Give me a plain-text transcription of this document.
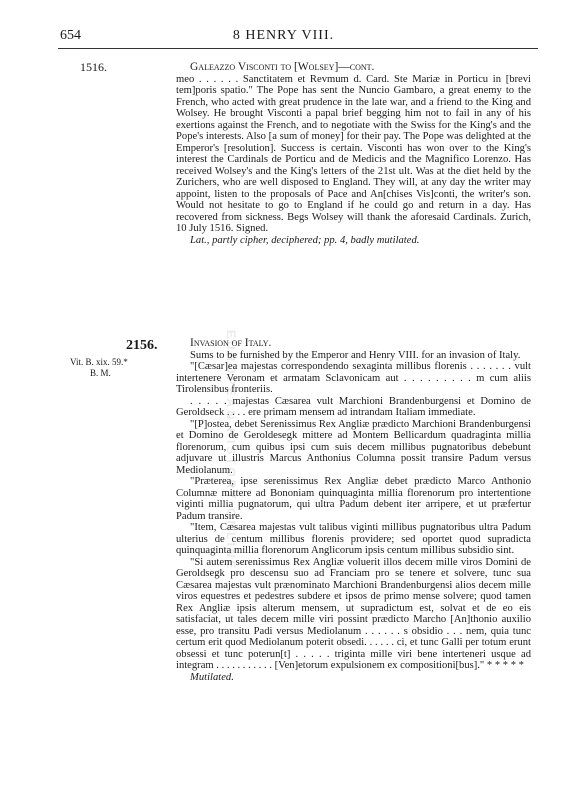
EUROPEAN HISTORY ONLINE
654	8 HENRY VIII.
1516.	Galeazzo Visconti to [Wolsey]—cont.

meo . . . . . . Sanctitatem et Revmum d. Card. Ste Mariæ in Porticu in [brevi tem]poris spatio." The Pope has sent the Nuncio Gambaro, a great enemy to the French, who acted with great prudence in the late war, and a friend to the King and Wolsey. He brought Visconti a papal brief begging him not to fail in any of his exertions against the French, and to negotiate with the Swiss for the King's and the Pope's interests. Also [a sum of money] for their pay. The Pope was delighted at the Emperor's [resolution]. Success is certain. Visconti has won over to the King's interest the Cardinals de Porticu and de Medicis and the Magnifico Lorenzo. Has received Wolsey's and the King's letters of the 21st ult. Was at the diet held by the Zurichers, who are well disposed to England. They will, at any day the writer may appoint, listen to the proposals of Pace and An[chises Vis]conti, the writer's son. Would not hesitate to go to England if he could go and return in a day. Has recovered from sickness. Begs Wolsey will thank the aforesaid Cardinals. Zurich, 10 July 1516. Signed.

Lat., partly cipher, deciphered; pp. 4, badly mutilated.

2156.
Vit. B. xix. 59.*
B. M.

Invasion of Italy.

Sums to be furnished by the Emperor and Henry VIII. for an invasion of Italy.

"[Cæsar]ea majestas correspondendo sexaginta millibus florenis . . . . . . . vult intertenere Veronam et armatam Sclavonicam aut . . . . . . . . . m cum aliis Tirolensibus fronteriis.

. . . . . majestas Cæsarea vult Marchioni Brandenburgensi et Domino de Geroldseck . . . . ere primam mensem ad intrandam Italiam immediate.

"[P]ostea, debet Serenissimus Rex Angliæ prædicto Marchioni Brandenburgensi et Domino de Geroldesegk mittere ad Montem Bellicardum quadraginta millia florenorum, cum quibus ipsi cum suis decem millibus pugnatoribus debebunt adjuvare ut illustris Marcus Anthonius Columna possit transire Padum versus Mediolanum.

"Præterea, ipse serenissimus Rex Angliæ debet prædicto Marco Anthonio Columnæ mittere ad Bononiam quinquaginta millia florenorum pro intertentione viginti millia pugnatorum, qui ultra Padum debent iter arripere, et ut præfertur Padum transire.

"Item, Cæsarea majestas vult talibus viginti millibus pugnatoribus ultra Padum ulterius de centum millibus florenis providere; sed oportet quod supradicta quinquaginta millia florenorum Anglicorum ipsis centum millibus subsidio sint.

"Si autem serenissimus Rex Angliæ voluerit illos decem mille viros Domini de Geroldsegk pro descensu suo ad Franciam pro se tenere et solvere, tunc sua Cæsarea majestas vult prænominato Marchioni Brandenburgensi alios decem mille viros equestres et pedestres subdere et ipsos de primo mense solvere; quod tamen Rex Angliæ ipsis alterum mensem, ut supradictum est, solvat et de eo eis satisfaciat, ut tales decem mille viri possint prædicto Marcho [An]thonio auxilio esse, pro transitu Padi versus Mediolanum . . . . . . s obsidio . . . nem, quia tunc certum erit quod Mediolanum poterit obsedi. . . . . . ci, et tunc Galli per totum erunt obsessi et tunc poterun[t] . . . . . triginta mille viri bene interteneri usque ad integram . . . . . . . . . . . [Ven]etorum expulsionem ex compositioni[bus]." * * * * *

Mutilated.
